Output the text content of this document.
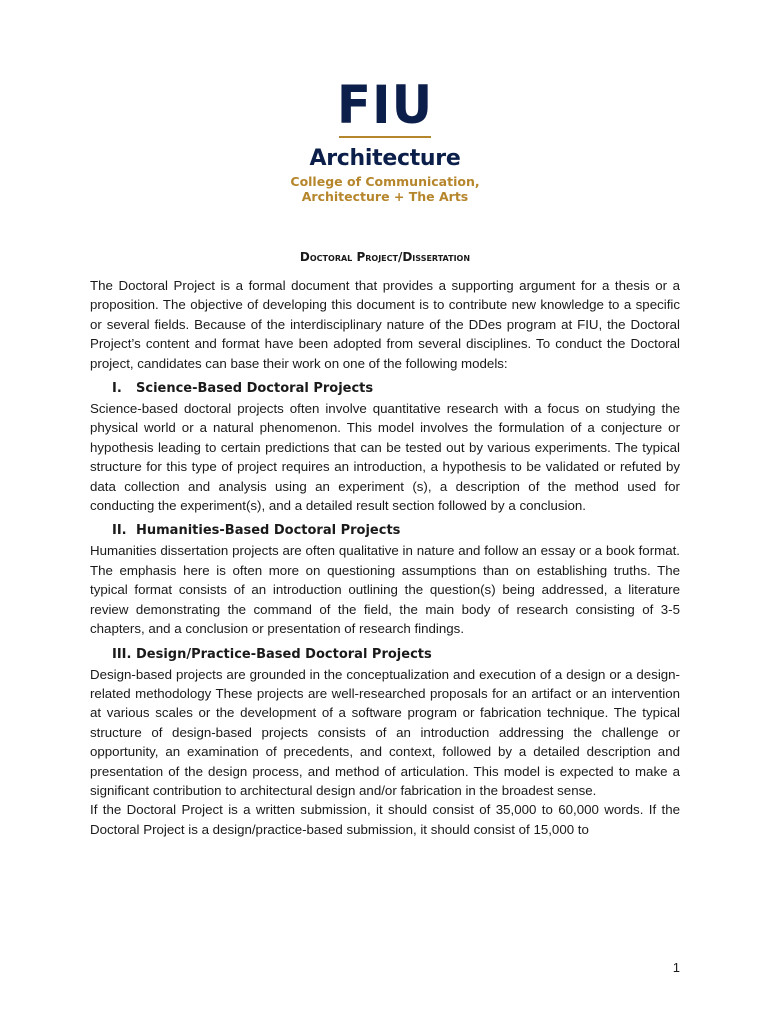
FIU
Architecture
College of Communication,
Architecture + The Arts
Doctoral Project/Dissertation

The Doctoral Project is a formal document that provides a supporting argument for a thesis or a proposition. The objective of developing this document is to contribute new knowledge to a specific or several fields. Because of the interdisciplinary nature of the DDes program at FIU, the Doctoral Project’s content and format have been adopted from several disciplines. To conduct the Doctoral project, candidates can base their work on one of the following models:

I.	Science-Based Doctoral Projects

Science-based doctoral projects often involve quantitative research with a focus on studying the physical world or a natural phenomenon. This model involves the formulation of a conjecture or hypothesis leading to certain predictions that can be tested out by various experiments. The typical structure for this type of project requires an introduction, a hypothesis to be validated or refuted by data collection and analysis using an experiment (s), a description of the method used for conducting the experiment(s), and a detailed result section followed by a conclusion.

II. Humanities-Based Doctoral Projects

Humanities dissertation projects are often qualitative in nature and follow an essay or a book format. The emphasis here is often more on questioning assumptions than on establishing truths. The typical format consists of an introduction outlining the question(s) being addressed, a literature review demonstrating the command of the field, the main body of research consisting of 3-5 chapters, and a conclusion or presentation of research findings.

III. Design/Practice-Based Doctoral Projects

Design-based projects are grounded in the conceptualization and execution of a design or a design-related methodology These projects are well-researched proposals for an artifact or an intervention at various scales or the development of a software program or fabrication technique. The typical structure of design-based projects consists of an introduction addressing the challenge or opportunity, an examination of precedents, and context, followed by a detailed description and presentation of the design process, and method of articulation. This model is expected to make a significant contribution to architectural design and/or fabrication in the broadest sense.

If the Doctoral Project is a written submission, it should consist of 35,000 to 60,000 words. If the Doctoral Project is a design/practice-based submission, it should consist of 15,000 to

1
